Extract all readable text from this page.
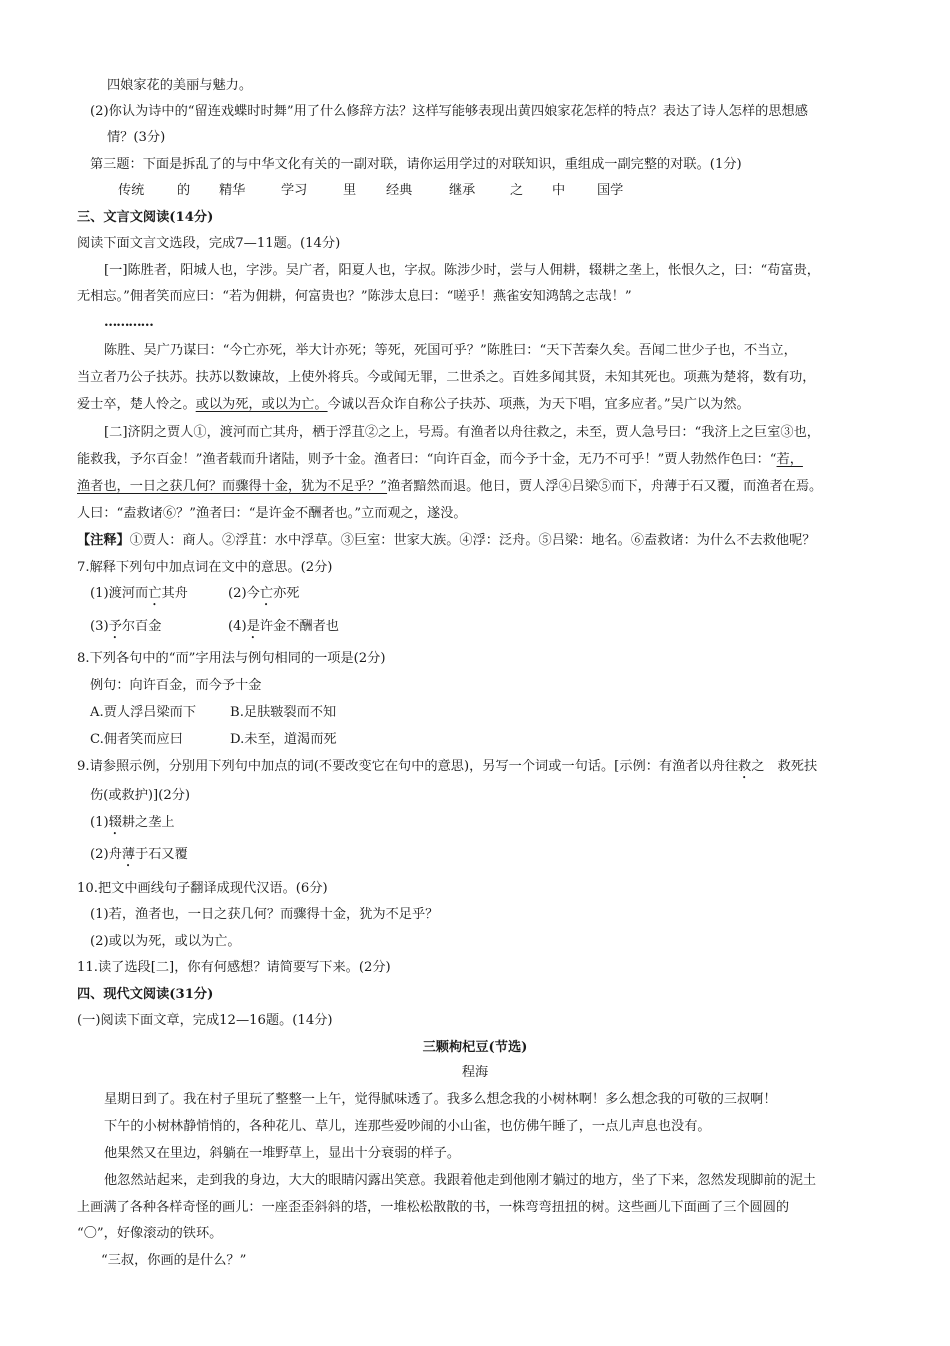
四娘家花的美丽与魅力。
(2)你认为诗中的“留连戏蝶时时舞”用了什么修辞方法？这样写能够表现出黄四娘家花怎样的特点？表达了诗人怎样的思想感
情？(3分)
第三题：下面是拆乱了的与中华文化有关的一副对联，请你运用学过的对联知识，重组成一副完整的对联。(1分)
传统 的 精华	学习	里 经典	继承	之 中 国学
三、文言文阅读(14分)
阅读下面文言文选段，完成7—11题。(14分)
[一]陈胜者，阳城人也，字涉。吴广者，阳夏人也，字叔。陈涉少时，尝与人佣耕，辍耕之垄上，怅恨久之，曰：“苟富贵，
无相忘。”佣者笑而应曰：“若为佣耕，何富贵也？”陈涉太息曰：“嗟乎！燕雀安知鸿鹄之志哉！”
…………
陈胜、吴广乃谋曰：“今亡亦死，举大计亦死；等死，死国可乎？”陈胜曰：“天下苦秦久矣。吾闻二世少子也，不当立，
当立者乃公子扶苏。扶苏以数谏故，上使外将兵。今或闻无罪，二世杀之。百姓多闻其贤，未知其死也。项燕为楚将，数有功，
爱士卒，楚人怜之。或以为死，或以为亡。今诚以吾众诈自称公子扶苏、项燕，为天下唱，宜多应者。”吴广以为然。
[二]济阴之贾人①，渡河而亡其舟，栖于浮苴②之上，号焉。有渔者以舟往救之，未至，贾人急号曰：“我济上之巨室③也，
能救我，予尔百金！”渔者载而升诸陆，则予十金。渔者曰：“向许百金，而今予十金，无乃不可乎！”贾人勃然作色曰：“若，
渔者也，一日之获几何？而骤得十金，犹为不足乎？”渔者黯然而退。他日，贾人浮④吕梁⑤而下，舟薄于石又覆，而渔者在焉。
人曰：“盍救诸⑥？”渔者曰：“是许金不酬者也。”立而观之，遂没。
【注释】①贾人：商人。②浮苴：水中浮草。③巨室：世家大族。④浮：泛舟。⑤吕梁：地名。⑥盍救诸：为什么不去救他呢？
7.解释下列句中加点词在文中的意思。(2分)
(1)渡河而亡其舟	(2)今亡亦死
(3)予尔百金	(4)是许金不酬者也
8.下列各句中的“而”字用法与例句相同的一项是(2分)
例句：向许百金，而今予十金
A.贾人浮吕梁而下	B.足肤皲裂而不知
C.佣者笑而应曰	D.未至，道渴而死
9.请参照示例，分别用下列句中加点的词(不要改变它在句中的意思)，另写一个词或一句话。[示例：有渔者以舟往救之　救死扶
伤(或救护)](2分)
(1)辍耕之垄上
(2)舟薄于石又覆
10.把文中画线句子翻译成现代汉语。(6分)
(1)若，渔者也，一日之获几何？而骤得十金，犹为不足乎？
(2)或以为死，或以为亡。
11.读了选段[二]，你有何感想？请简要写下来。(2分)
四、现代文阅读(31分)
(一)阅读下面文章，完成12—16题。(14分)
三颗枸杞豆(节选)
程海
星期日到了。我在村子里玩了整整一上午，觉得腻味透了。我多么想念我的小树林啊！多么想念我的可敬的三叔啊！
下午的小树林静悄悄的，各种花儿、草儿，连那些爱吵闹的小山雀，也仿佛午睡了，一点儿声息也没有。
他果然又在里边，斜躺在一堆野草上，显出十分衰弱的样子。
他忽然站起来，走到我的身边，大大的眼睛闪露出笑意。我跟着他走到他刚才躺过的地方，坐了下来，忽然发现脚前的泥土
上画满了各种各样奇怪的画儿：一座歪歪斜斜的塔，一堆松松散散的书，一株弯弯扭扭的树。这些画儿下面画了三个圆圆的
“〇”，好像滚动的铁环。
“三叔，你画的是什么？”
